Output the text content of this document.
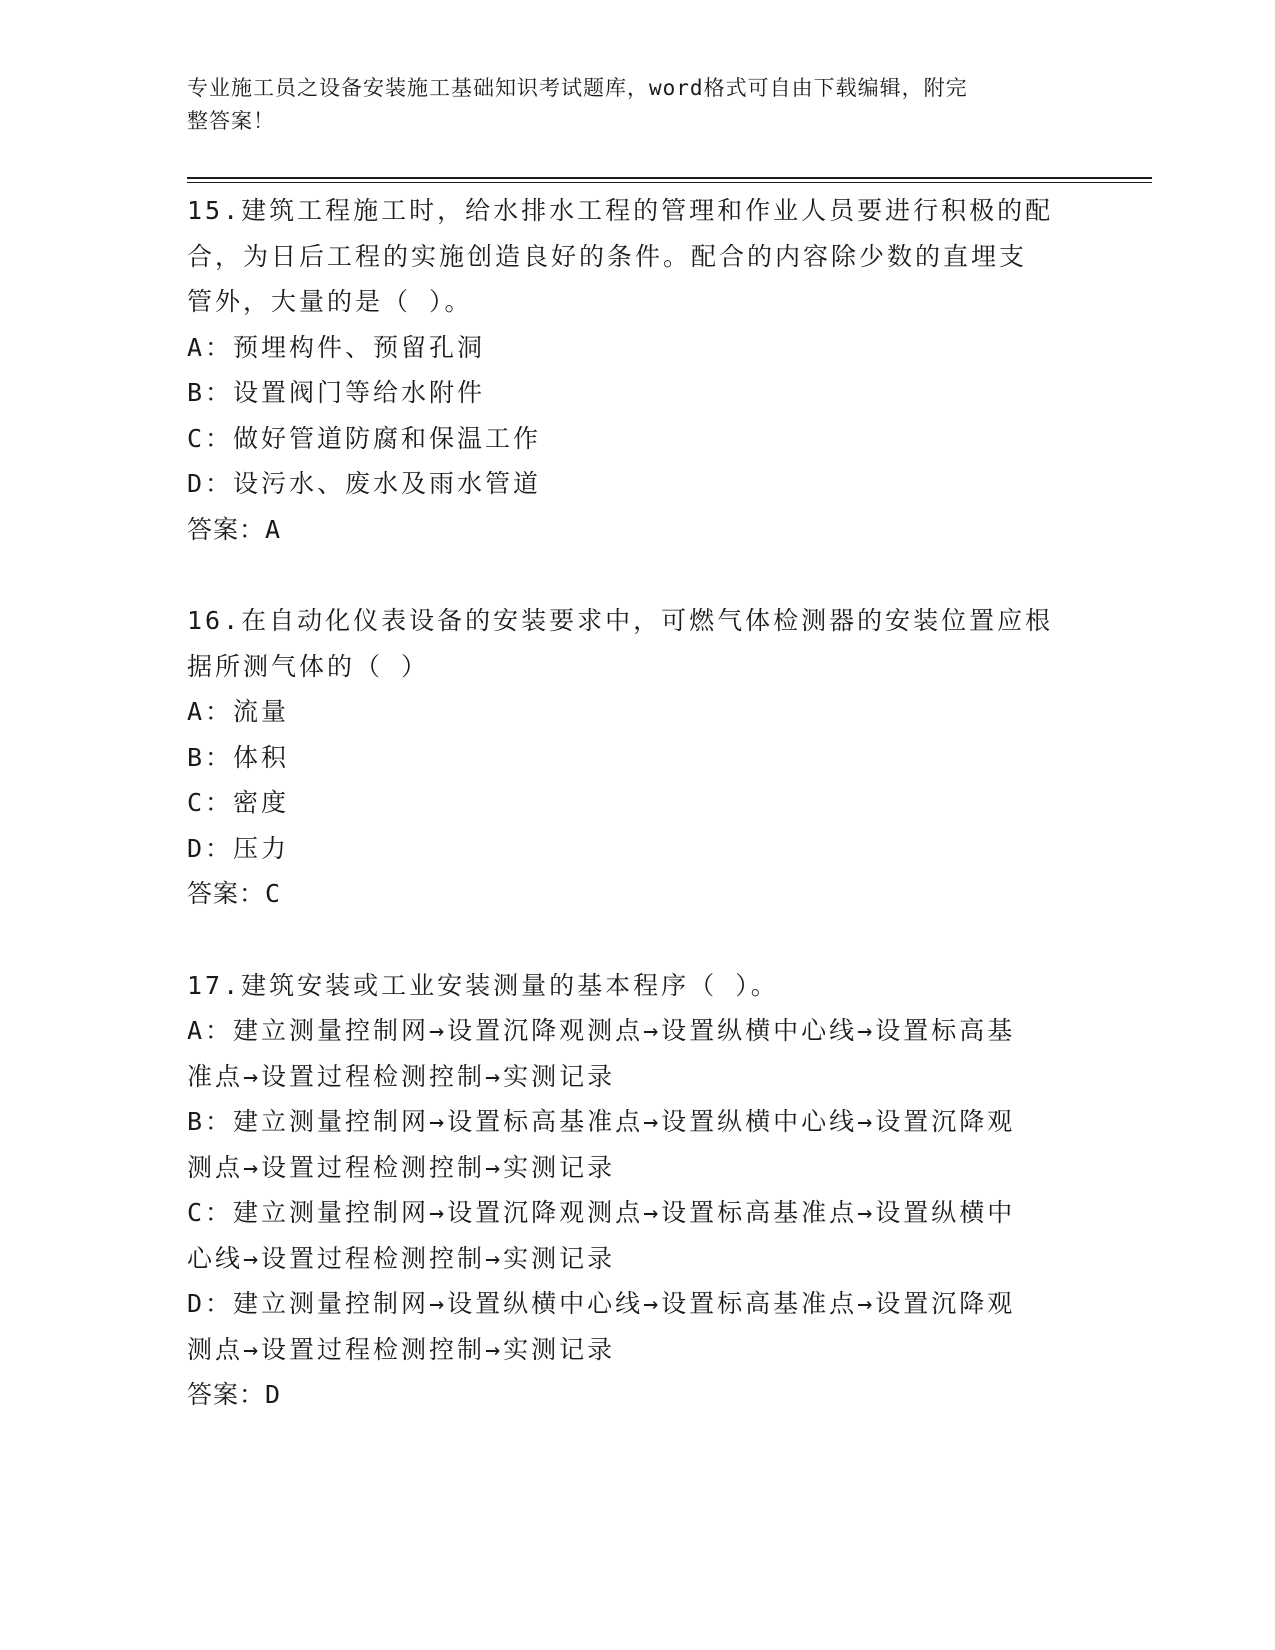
专业施工员之设备安装施工基础知识考试题库，word格式可自由下载编辑，附完
整答案！
15.建筑工程施工时，给水排水工程的管理和作业人员要进行积极的配
合，为日后工程的实施创造良好的条件。配合的内容除少数的直埋支
管外，大量的是（ ）。
A：预埋构件、预留孔洞
B：设置阀门等给水附件
C：做好管道防腐和保温工作
D：设污水、废水及雨水管道
答案：A
16.在自动化仪表设备的安装要求中，可燃气体检测器的安装位置应根
据所测气体的（ ）
A：流量
B：体积
C：密度
D：压力
答案：C
17.建筑安装或工业安装测量的基本程序（ ）。
A：建立测量控制网→设置沉降观测点→设置纵横中心线→设置标高基
准点→设置过程检测控制→实测记录
B：建立测量控制网→设置标高基准点→设置纵横中心线→设置沉降观
测点→设置过程检测控制→实测记录
C：建立测量控制网→设置沉降观测点→设置标高基准点→设置纵横中
心线→设置过程检测控制→实测记录
D：建立测量控制网→设置纵横中心线→设置标高基准点→设置沉降观
测点→设置过程检测控制→实测记录
答案：D
